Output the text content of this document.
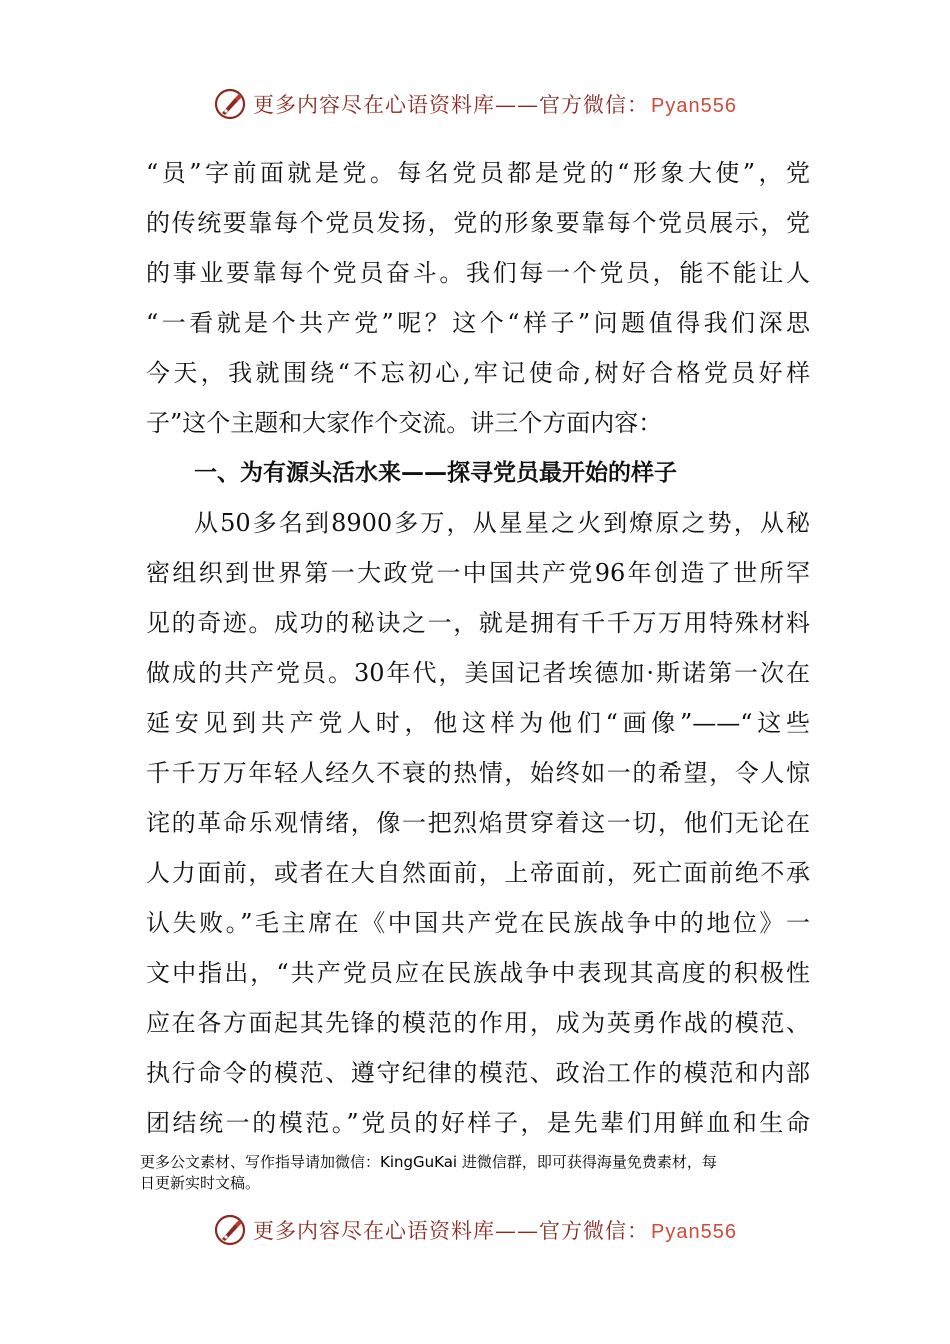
更多内容尽在心语资料库——官方微信： Pyan556
“员”字前面就是党。每名党员都是党的“形象大使”，党
的传统要靠每个党员发扬，党的形象要靠每个党员展示，党
的事业要靠每个党员奋斗。我们每一个党员，能不能让人
“一看就是个共产党”呢？这个“样子”问题值得我们深思
今天，我就围绕“不忘初心,牢记使命,树好合格党员好样
子”这个主题和大家作个交流。讲三个方面内容：
一、为有源头活水来——探寻党员最开始的样子
从50多名到8900多万，从星星之火到燎原之势，从秘
密组织到世界第一大政党一中国共产党96年创造了世所罕
见的奇迹。成功的秘诀之一，就是拥有千千万万用特殊材料
做成的共产党员。30年代，美国记者埃德加·斯诺第一次在
延安见到共产党人时，他这样为他们“画像”——“这些
千千万万年轻人经久不衰的热情，始终如一的希望，令人惊
诧的革命乐观情绪，像一把烈焰贯穿着这一切，他们无论在
人力面前，或者在大自然面前，上帝面前，死亡面前绝不承
认失败。”毛主席在《中国共产党在民族战争中的地位》一
文中指出，“共产党员应在民族战争中表现其高度的积极性
应在各方面起其先锋的模范的作用，成为英勇作战的模范、
执行命令的模范、遵守纪律的模范、政治工作的模范和内部
团结统一的模范。”党员的好样子，是先辈们用鲜血和生命
更多公文素材、写作指导请加微信：KingGuKai 进微信群，即可获得海量免费素材，每
日更新实时文稿。
更多内容尽在心语资料库——官方微信： Pyan556
